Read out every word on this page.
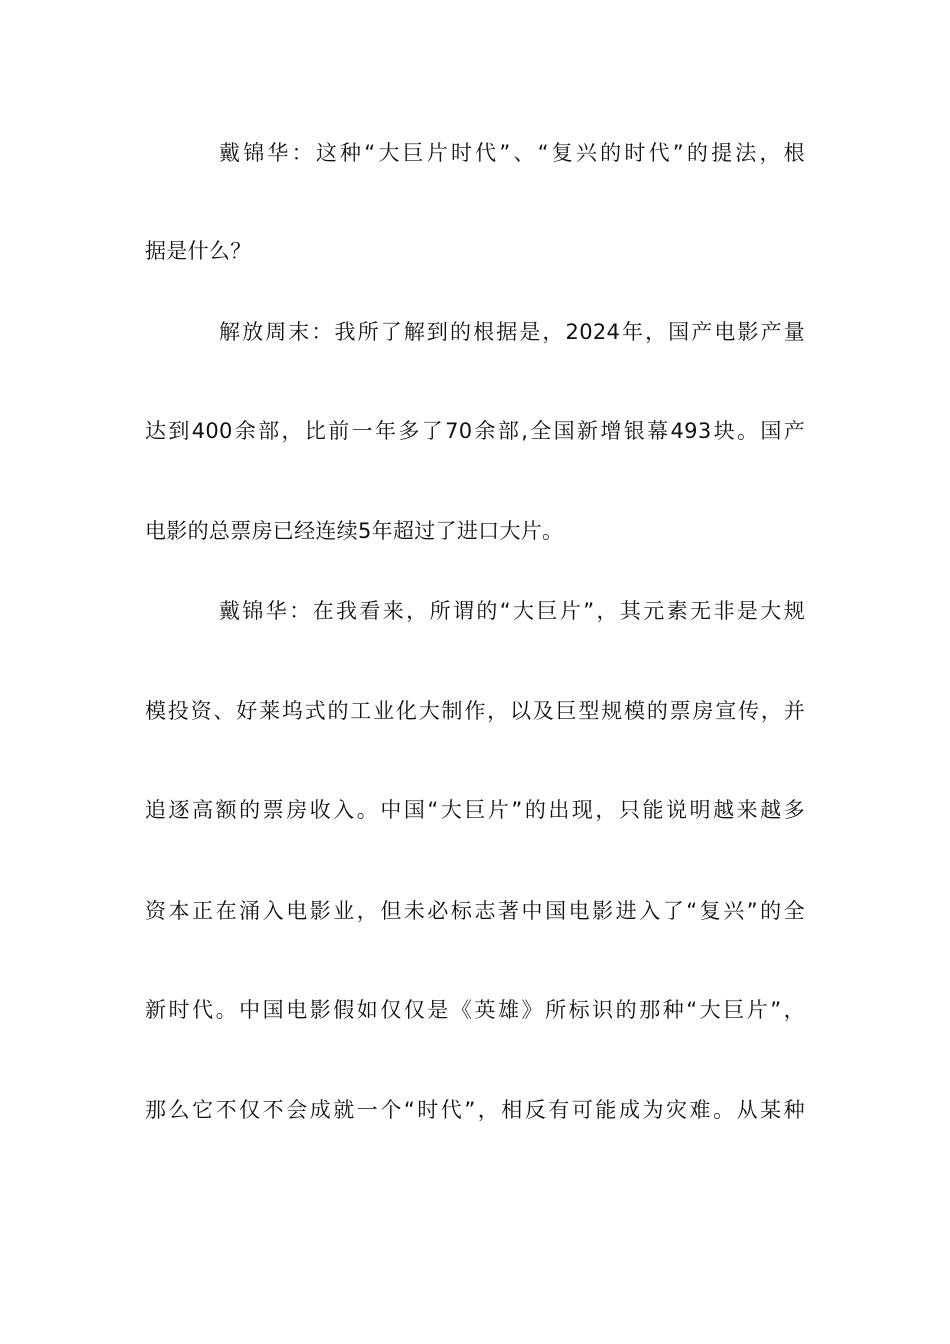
戴锦华：这种“大巨片时代”、“复兴的时代”的提法，根
据是什么？
解放周末：我所了解到的根据是，2024年，国产电影产量
达到400余部，比前一年多了70余部,全国新增银幕493块。国产
电影的总票房已经连续5年超过了进口大片。
戴锦华：在我看来，所谓的“大巨片”，其元素无非是大规
模投资、好莱坞式的工业化大制作，以及巨型规模的票房宣传，并
追逐高额的票房收入。中国“大巨片”的出现，只能说明越来越多
资本正在涌入电影业，但未必标志著中国电影进入了“复兴”的全
新时代。中国电影假如仅仅是《英雄》所标识的那种“大巨片”，
那么它不仅不会成就一个“时代”，相反有可能成为灾难。从某种
